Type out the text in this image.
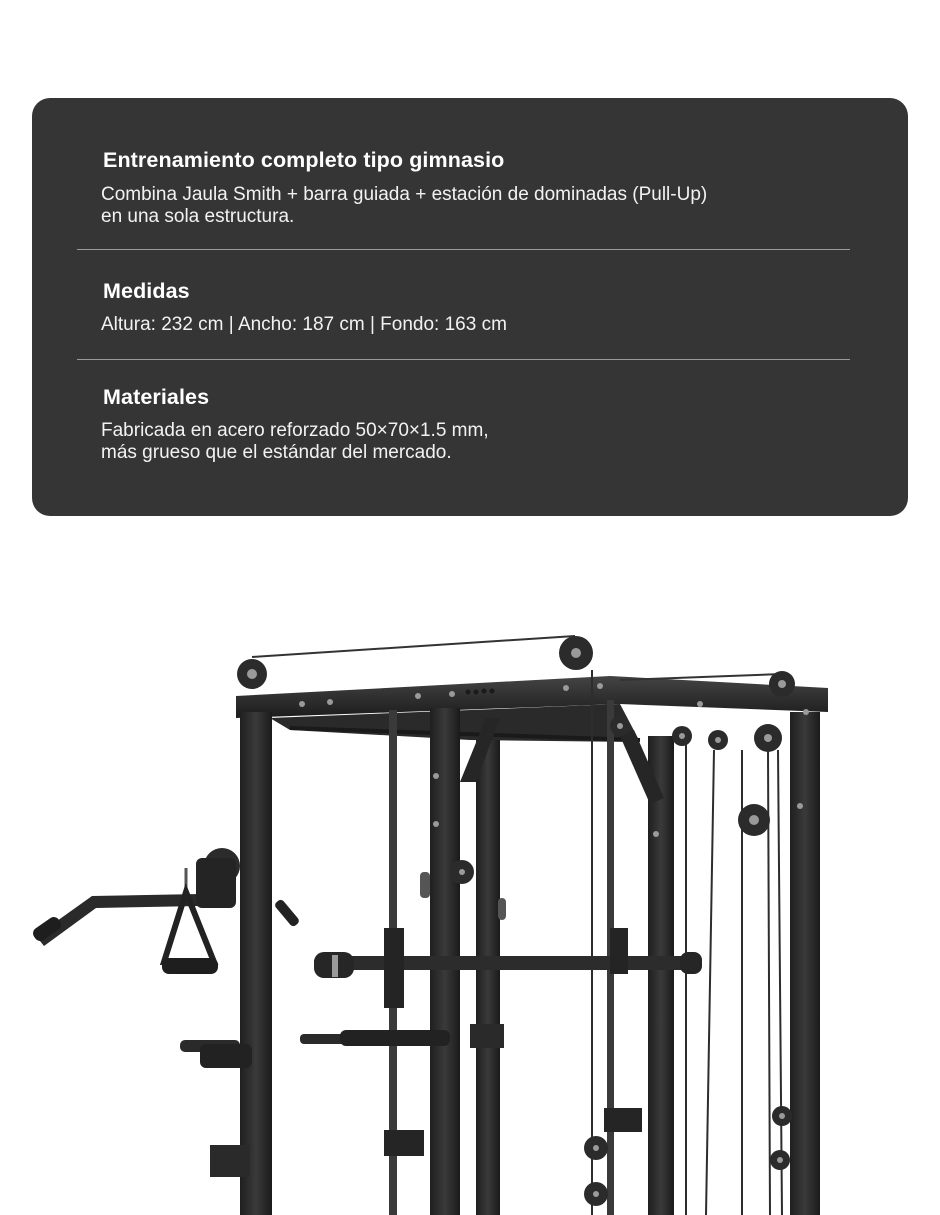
Entrenamiento completo tipo gimnasio

Combina Jaula Smith + barra guiada + estación de dominadas (Pull-Up)

en una sola estructura.

Medidas

Altura: 232 cm | Ancho: 187 cm | Fondo: 163 cm

Materiales

Fabricada en acero reforzado 50×70×1.5 mm,

más grueso que el estándar del mercado.
